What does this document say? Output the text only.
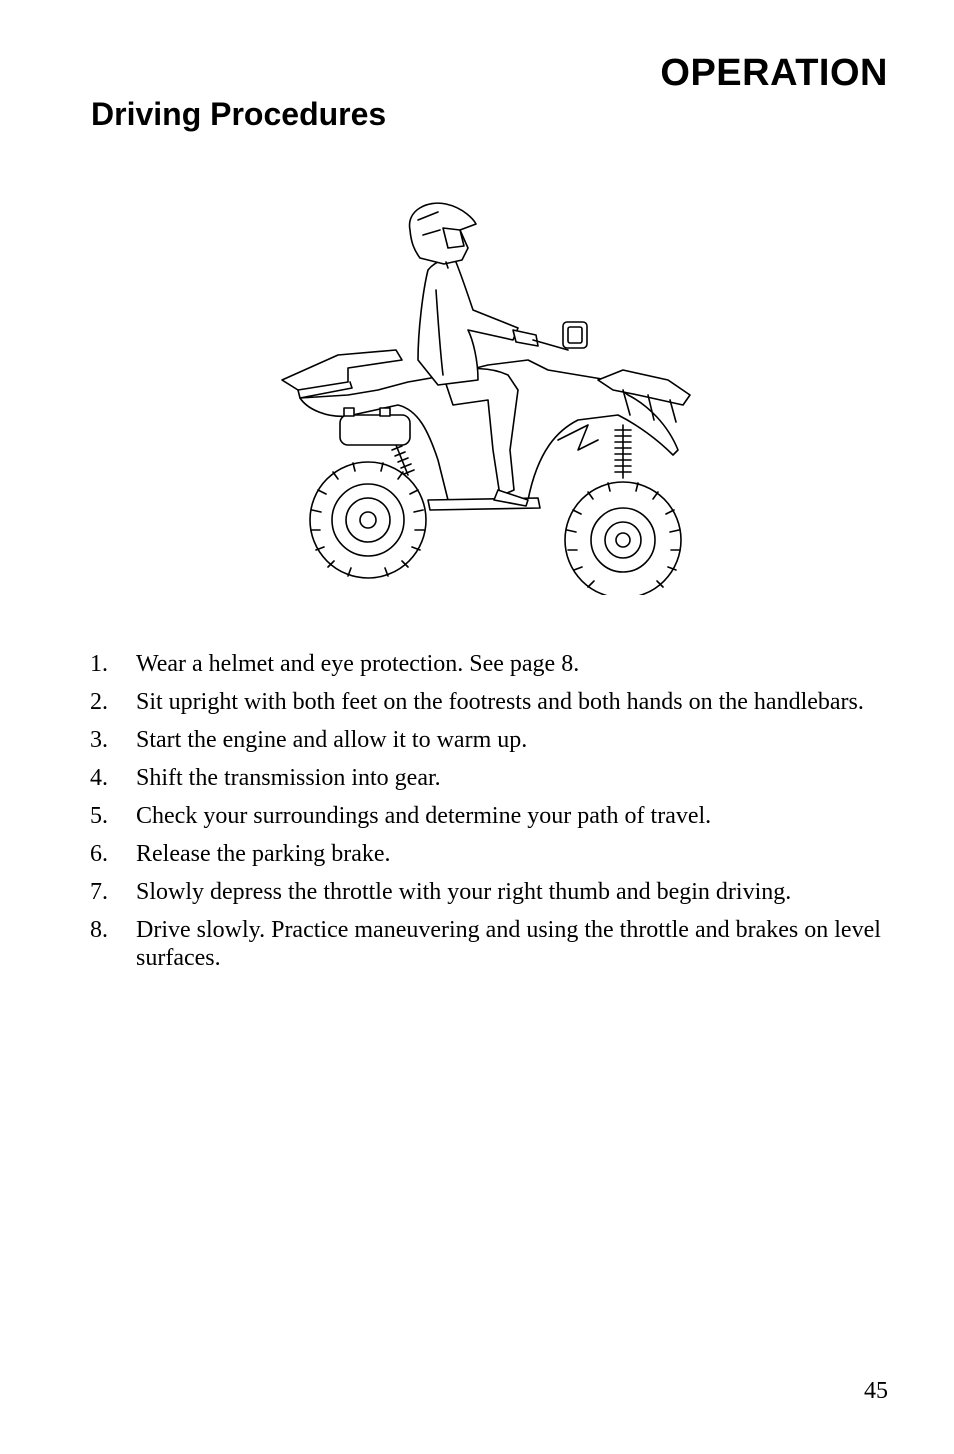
OPERATION
Driving Procedures
1.	Wear a helmet and eye protection. See page 8.
2.	Sit upright with both feet on the footrests and both hands on the handlebars.
3.	Start the engine and allow it to warm up.
4.	Shift the transmission into gear.
5.	Check your surroundings and determine your path of travel.
6.	Release the parking brake.
7.	Slowly depress the throttle with your right thumb and begin driving.
8.	Drive slowly. Practice maneuvering and using the throttle and brakes on level surfaces.
45
